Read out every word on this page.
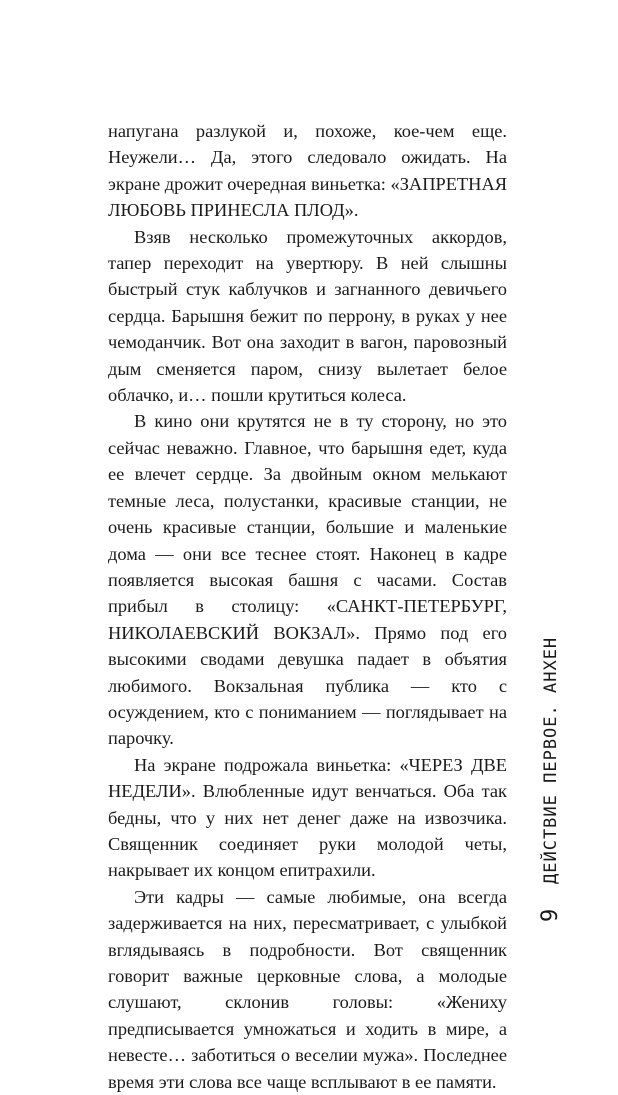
напугана разлукой и, похоже, кое-чем еще. Неужели… Да, этого следовало ожидать. На экране дрожит очередная виньетка: «ЗАПРЕТНАЯ ЛЮБОВЬ ПРИНЕСЛА ПЛОД».

Взяв несколько промежуточных аккордов, тапер переходит на увертюру. В ней слышны быстрый стук каблучков и загнанного девичьего сердца. Барышня бежит по перрону, в руках у нее чемоданчик. Вот она заходит в вагон, паровозный дым сменяется паром, снизу вылетает белое облачко, и… пошли крутиться колеса.

В кино они крутятся не в ту сторону, но это сейчас неважно. Главное, что барышня едет, куда ее влечет сердце. За двойным окном мелькают темные леса, полустанки, красивые станции, не очень красивые станции, большие и маленькие дома — они все теснее стоят. Наконец в кадре появляется высокая башня с часами. Состав прибыл в столицу: «САНКТ-ПЕТЕРБУРГ, НИКОЛАЕВСКИЙ ВОКЗАЛ». Прямо под его высокими сводами девушка падает в объятия любимого. Вокзальная публика — кто с осуждением, кто с пониманием — поглядывает на парочку.

На экране подрожала виньетка: «ЧЕРЕЗ ДВЕ НЕДЕЛИ». Влюбленные идут венчаться. Оба так бедны, что у них нет денег даже на извозчика. Священник соединяет руки молодой четы, накрывает их концом епитрахили.

Эти кадры — самые любимые, она всегда задерживается на них, пересматривает, с улыбкой вглядываясь в подробности. Вот священник говорит важные церковные слова, а молодые слушают, склонив головы: «Жениху предписывается умножаться и ходить в мире, а невесте… заботиться о веселии мужа». Последнее время эти слова все чаще всплывают в ее памяти.

ДЕЙСТВИЕ ПЕРВОЕ. АНХЕН
9
